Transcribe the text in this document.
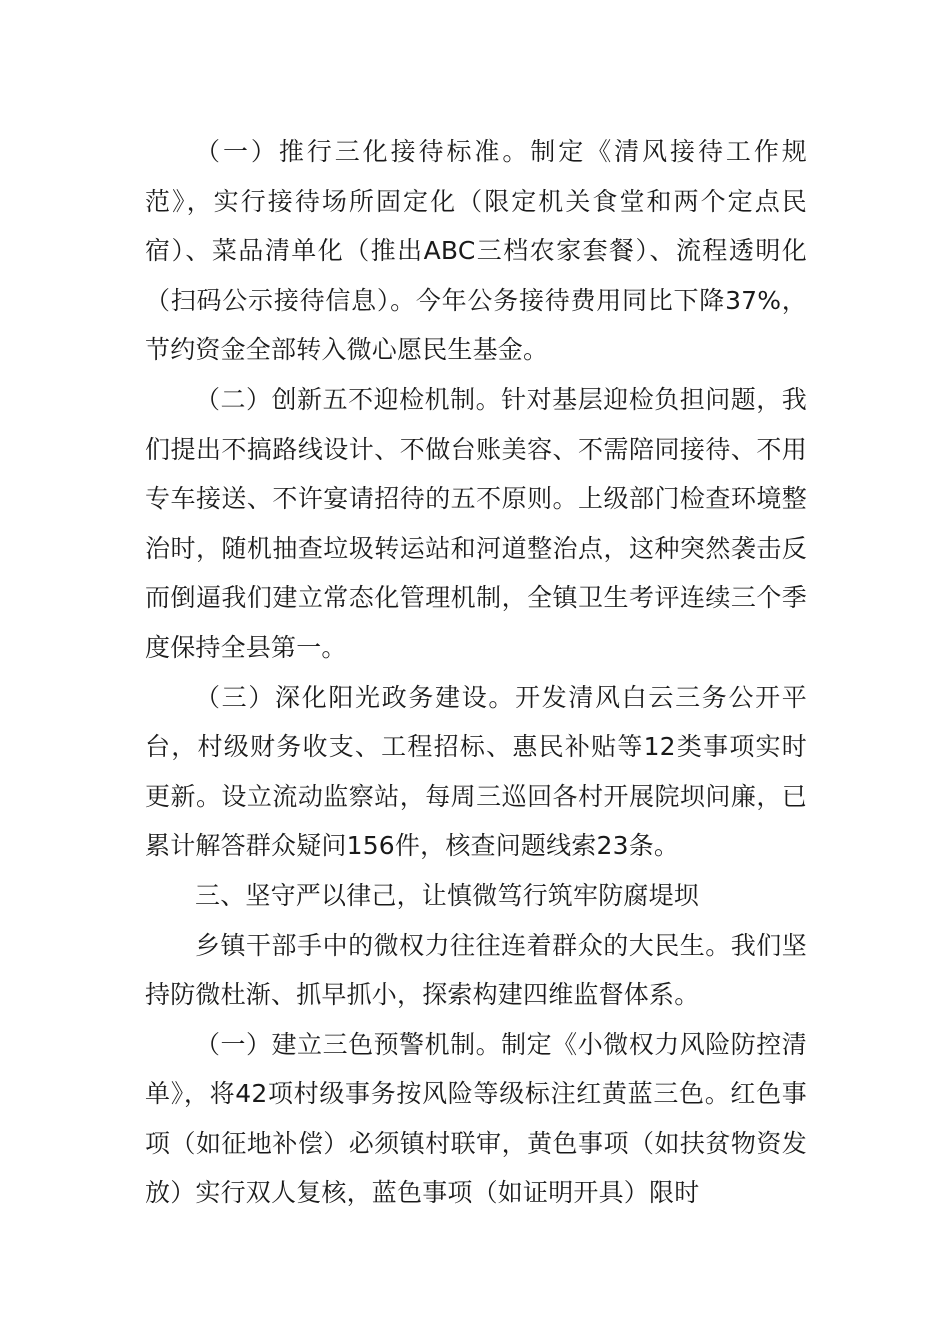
（一）推行三化接待标准。制定《清风接待工作规范》，实行接待场所固定化（限定机关食堂和两个定点民宿）、菜品清单化（推出ABC三档农家套餐）、流程透明化（扫码公示接待信息）。今年公务接待费用同比下降37%，节约资金全部转入微心愿民生基金。

（二）创新五不迎检机制。针对基层迎检负担问题，我们提出不搞路线设计、不做台账美容、不需陪同接待、不用专车接送、不许宴请招待的五不原则。上级部门检查环境整治时，随机抽查垃圾转运站和河道整治点，这种突然袭击反而倒逼我们建立常态化管理机制，全镇卫生考评连续三个季度保持全县第一。

（三）深化阳光政务建设。开发清风白云三务公开平台，村级财务收支、工程招标、惠民补贴等12类事项实时更新。设立流动监察站，每周三巡回各村开展院坝问廉，已累计解答群众疑问156件，核查问题线索23条。

三、坚守严以律己，让慎微笃行筑牢防腐堤坝

乡镇干部手中的微权力往往连着群众的大民生。我们坚持防微杜渐、抓早抓小，探索构建四维监督体系。

（一）建立三色预警机制。制定《小微权力风险防控清单》，将42项村级事务按风险等级标注红黄蓝三色。红色事项（如征地补偿）必须镇村联审，黄色事项（如扶贫物资发放）实行双人复核，蓝色事项（如证明开具）限时
